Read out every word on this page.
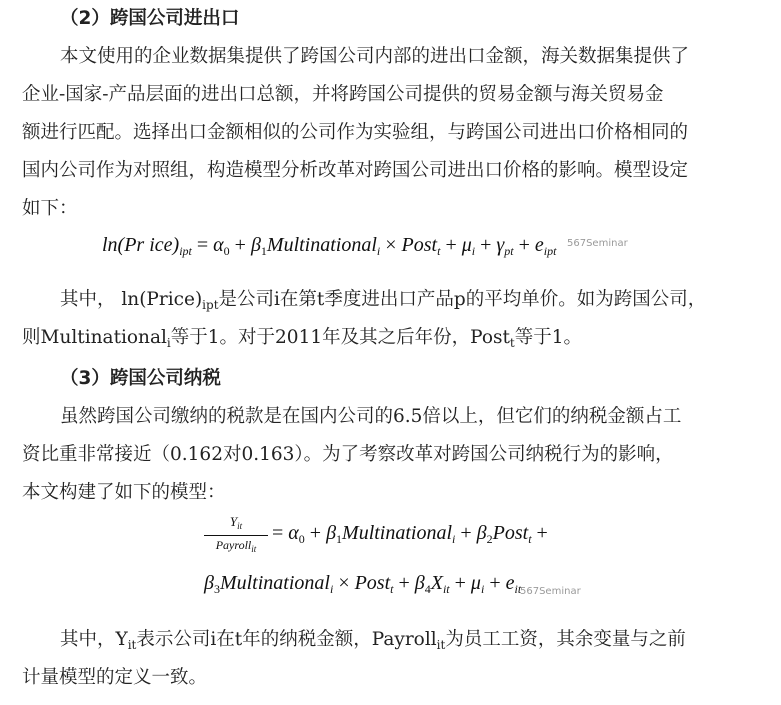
（2）跨国公司进出口
本文使用的企业数据集提供了跨国公司内部的进出口金额，海关数据集提供了
企业-国家-产品层面的进出口总额，并将跨国公司提供的贸易金额与海关贸易金
额进行匹配。选择出口金额相似的公司作为实验组，与跨国公司进出口价格相同的
国内公司作为对照组，构造模型分析改革对跨国公司进出口价格的影响。模型设定
如下：
ln(Pr $ice)_{ipt} = \alpha_0$ + $\beta_1Multinational_i$ × Post$_t$ + $\mu_i + \gamma_{pt} + e_{ipt}$
567Seminar
其中， $\ln(Price)_{ipt}$是公司i在第t季度进出口产品p的平均单价。如为跨国公司，
则Multinational$_i$等于1。对于2011年及其之后年份，Post$_t$等于1。
（3）跨国公司纳税
虽然跨国公司缴纳的税款是在国内公司的6.5倍以上，但它们的纳税金额占工
资比重非常接近（0.162对0.163）。为了考察改革对跨国公司纳税行为的影响，
本文构建了如下的模型：
$Y_{it}$
Payroll$_{it}$
= $\alpha_0$ + $\beta_1Multinational_i$ + $\beta_2Post_t$ +
$\beta_3Multinational_i$ × Post$_t$ + $\beta_4X_{it} + \mu_i + e_{it}$
567Seminar
其中，$Y_{it}$表示公司i在t年的纳税金额，Payroll$_{it}$为员工工资，其余变量与之前
计量模型的定义一致。
